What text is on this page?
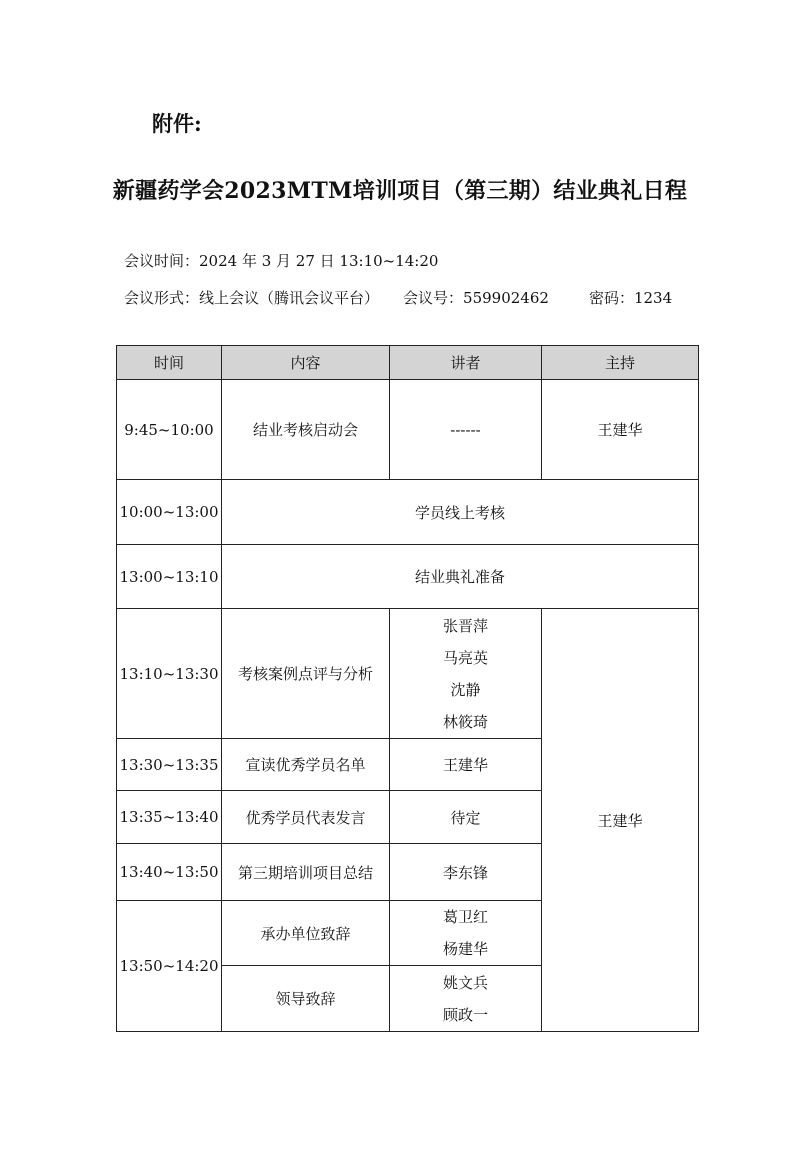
附件:
新疆药学会2023MTM培训项目（第三期）结业典礼日程
会议时间：2024 年 3 月 27 日 13:10~14:20
会议形式：线上会议（腾讯会议平台） 会议号：559902462	密码：1234
时间	内容	讲者	主持
9:45~10:00	结业考核启动会	------	王建华
10:00~13:00	学员线上考核		
13:00~13:10	结业典礼准备		
13:10~13:30	考核案例点评与分析	张晋萍
马亮英
沈静
林筱琦	王建华
13:30~13:35	宣读优秀学员名单	王建华	
13:35~13:40	优秀学员代表发言	待定	
13:40~13:50	第三期培训项目总结	李东锋	
13:50~14:20	承办单位致辞	葛卫红
杨建华	

	领导致辞	姚文兵
顾政一	
